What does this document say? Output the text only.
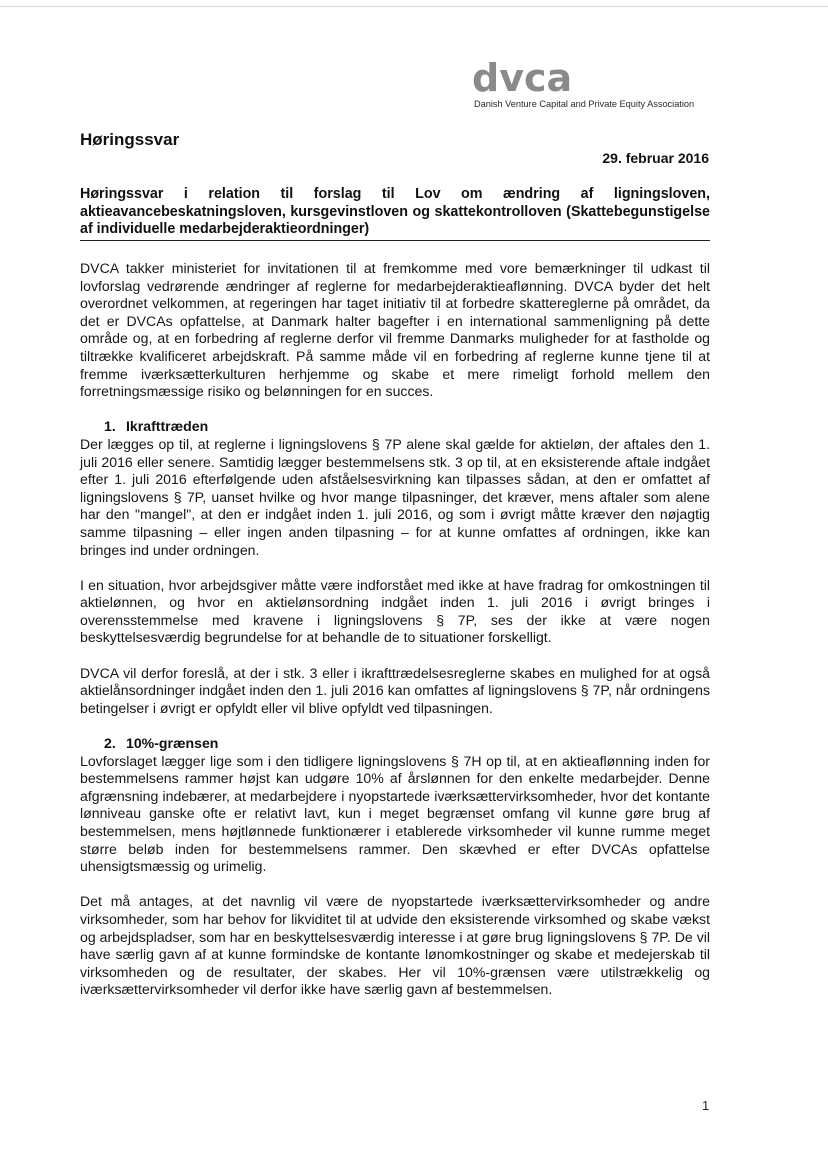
dvca
Danish Venture Capital and Private Equity Association
Høringssvar
29. februar 2016
Høringssvar i relation til forslag til Lov om ændring af ligningsloven, aktieavancebeskatningsloven, kursgevinstloven og skattekontrolloven (Skattebegunstigelse af individuelle medarbejderaktieordninger)

DVCA takker ministeriet for invitationen til at fremkomme med vore bemærkninger til udkast til lovforslag vedrørende ændringer af reglerne for medarbejderaktieaflønning. DVCA byder det helt overordnet velkommen, at regeringen har taget initiativ til at forbedre skattereglerne på området, da det er DVCAs opfattelse, at Danmark halter bagefter i en international sammenligning på dette område og, at en forbedring af reglerne derfor vil fremme Danmarks muligheder for at fastholde og tiltrække kvalificeret arbejdskraft. På samme måde vil en forbedring af reglerne kunne tjene til at fremme iværksætterkulturen herhjemme og skabe et mere rimeligt forhold mellem den forretningsmæssige risiko og belønningen for en succes.

1. Ikrafttræden

Der lægges op til, at reglerne i ligningslovens § 7P alene skal gælde for aktieløn, der aftales den 1. juli 2016 eller senere. Samtidig lægger bestemmelsens stk. 3 op til, at en eksisterende aftale indgået efter 1. juli 2016 efterfølgende uden afståelsesvirkning kan tilpasses sådan, at den er omfattet af ligningslovens § 7P, uanset hvilke og hvor mange tilpasninger, det kræver, mens aftaler som alene har den "mangel", at den er indgået inden 1. juli 2016, og som i øvrigt måtte kræver den nøjagtig samme tilpasning – eller ingen anden tilpasning – for at kunne omfattes af ordningen, ikke kan bringes ind under ordningen.

I en situation, hvor arbejdsgiver måtte være indforstået med ikke at have fradrag for omkostningen til aktielønnen, og hvor en aktielønsordning indgået inden 1. juli 2016 i øvrigt bringes i overensstemmelse med kravene i ligningslovens § 7P, ses der ikke at være nogen beskyttelsesværdig begrundelse for at behandle de to situationer forskelligt.

DVCA vil derfor foreslå, at der i stk. 3 eller i ikrafttrædelsesreglerne skabes en mulighed for at også aktielånsordninger indgået inden den 1. juli 2016 kan omfattes af ligningslovens § 7P, når ordningens betingelser i øvrigt er opfyldt eller vil blive opfyldt ved tilpasningen.

2. 10%-grænsen

Lovforslaget lægger lige som i den tidligere ligningslovens § 7H op til, at en aktieaflønning inden for bestemmelsens rammer højst kan udgøre 10% af årslønnen for den enkelte medarbejder. Denne afgrænsning indebærer, at medarbejdere i nyopstartede iværksættervirksomheder, hvor det kontante lønniveau ganske ofte er relativt lavt, kun i meget begrænset omfang vil kunne gøre brug af bestemmelsen, mens højtlønnede funktionærer i etablerede virksomheder vil kunne rumme meget større beløb inden for bestemmelsens rammer. Den skævhed er efter DVCAs opfattelse uhensigtsmæssig og urimelig.

Det må antages, at det navnlig vil være de nyopstartede iværksættervirksomheder og andre virksomheder, som har behov for likviditet til at udvide den eksisterende virksomhed og skabe vækst og arbejdspladser, som har en beskyttelsesværdig interesse i at gøre brug ligningslovens § 7P. De vil have særlig gavn af at kunne formindske de kontante lønomkostninger og skabe et medejerskab til virksomheden og de resultater, der skabes. Her vil 10%-grænsen være utilstrækkelig og iværksættervirksomheder vil derfor ikke have særlig gavn af bestemmelsen.

1
